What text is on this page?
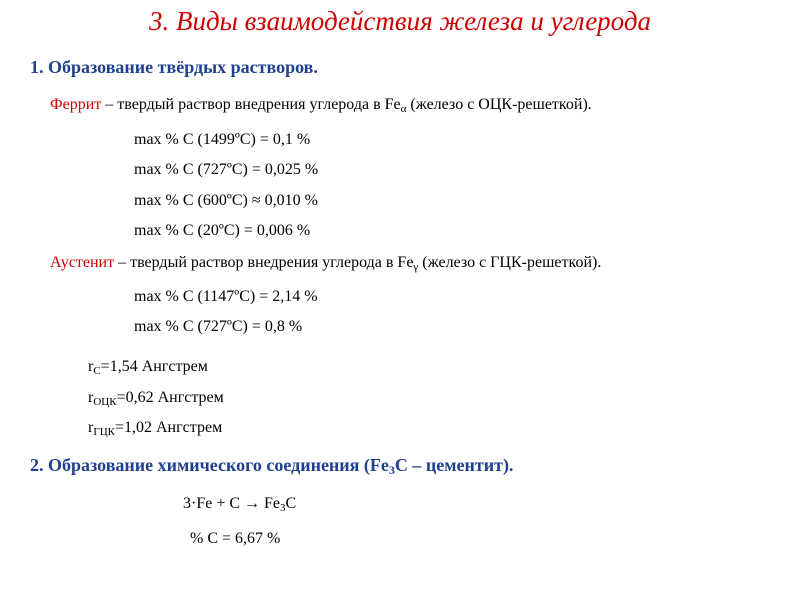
3. Виды взаимодействия железа и углерода
1. Образование твёрдых растворов.
Феррит – твердый раствор внедрения углерода в $Fe_\alpha$ (железо с ОЦК-решеткой).
max % С (1499ºС) = 0,1 %
max % С (727ºС) = 0,025 %
max % С (600ºС) ≈ 0,010 %
max % С (20ºС) = 0,006 %
Аустенит – твердый раствор внедрения углерода в $Fe_\gamma$ (железо с ГЦК-решеткой).
max % С (1147ºС) = 2,14 %
max % С (727ºС) = 0,8 %
$r_С=1,54$ Ангстрем
$r_{ОЦК}=0,62$ Ангстрем
$r_{ГЦК}=1,02$ Ангстрем
2. Образование химического соединения ($Fe_3С$ – цементит).
$3\cdot Fe + C \to Fe_3C$
% С = 6,67 %
